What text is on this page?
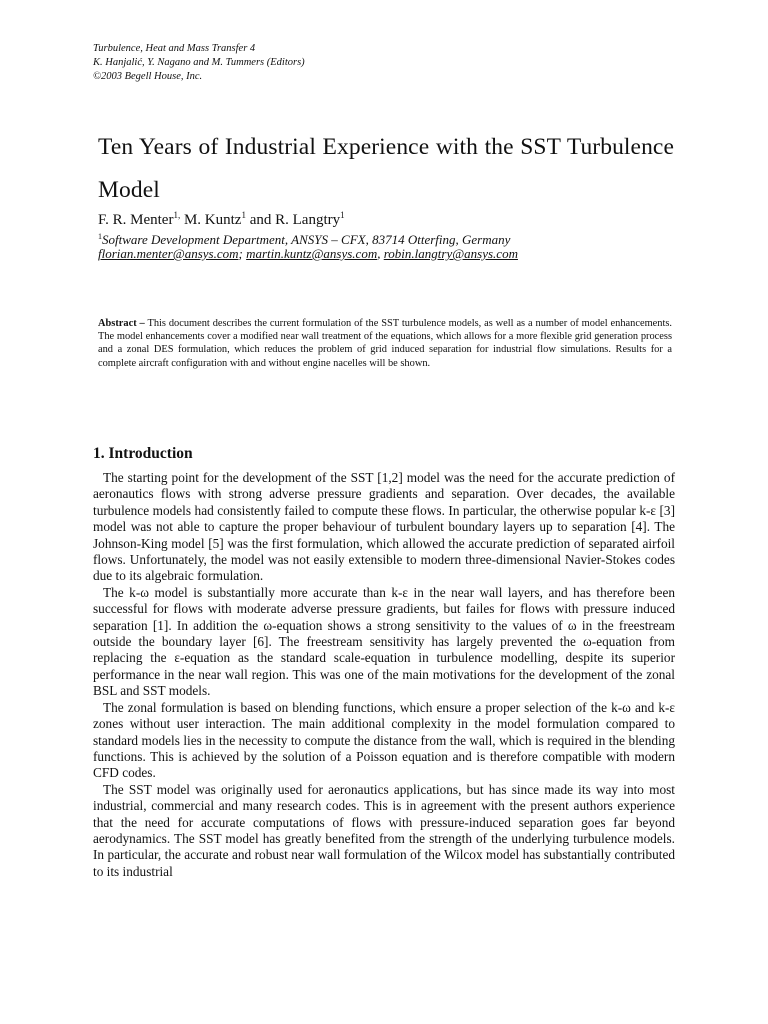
Turbulence, Heat and Mass Transfer 4
K. Hanjalić, Y. Nagano and M. Tummers (Editors)
©2003 Begell House, Inc.
Ten Years of Industrial Experience with the SST Turbulence Model
F. R. Menter$^{1,}$ M. Kuntz$^1$ and R. Langtry$^1$
$^1$Software Development Department, ANSYS – CFX, 83714 Otterfing, Germany
florian.menter@ansys.com; martin.kuntz@ansys.com, robin.langtry@ansys.com
Abstract – This document describes the current formulation of the SST turbulence models, as well as a number of model enhancements. The model enhancements cover a modified near wall treatment of the equations, which allows for a more flexible grid generation process and a zonal DES formulation, which reduces the problem of grid induced separation for industrial flow simulations. Results for a complete aircraft configuration with and without engine nacelles will be shown.
1. Introduction

The starting point for the development of the SST [1,2] model was the need for the accurate prediction of aeronautics flows with strong adverse pressure gradients and separation. Over decades, the available turbulence models had consistently failed to compute these flows. In particular, the otherwise popular k-ε [3] model was not able to capture the proper behaviour of turbulent boundary layers up to separation [4]. The Johnson-King model [5] was the first formulation, which allowed the accurate prediction of separated airfoil flows. Unfortunately, the model was not easily extensible to modern three-dimensional Navier-Stokes codes due to its algebraic formulation.

The k-ω model is substantially more accurate than k-ε in the near wall layers, and has therefore been successful for flows with moderate adverse pressure gradients, but failes for flows with pressure induced separation [1]. In addition the ω-equation shows a strong sensitivity to the values of ω in the freestream outside the boundary layer [6]. The freestream sensitivity has largely prevented the ω-equation from replacing the ε-equation as the standard scale-equation in turbulence modelling, despite its superior performance in the near wall region. This was one of the main motivations for the development of the zonal BSL and SST models.

The zonal formulation is based on blending functions, which ensure a proper selection of the k-ω and k-ε zones without user interaction. The main additional complexity in the model formulation compared to standard models lies in the necessity to compute the distance from the wall, which is required in the blending functions. This is achieved by the solution of a Poisson equation and is therefore compatible with modern CFD codes.

The SST model was originally used for aeronautics applications, but has since made its way into most industrial, commercial and many research codes. This is in agreement with the present authors experience that the need for accurate computations of flows with pressure-induced separation goes far beyond aerodynamics. The SST model has greatly benefited from the strength of the underlying turbulence models. In particular, the accurate and robust near wall formulation of the Wilcox model has substantially contributed to its industrial
